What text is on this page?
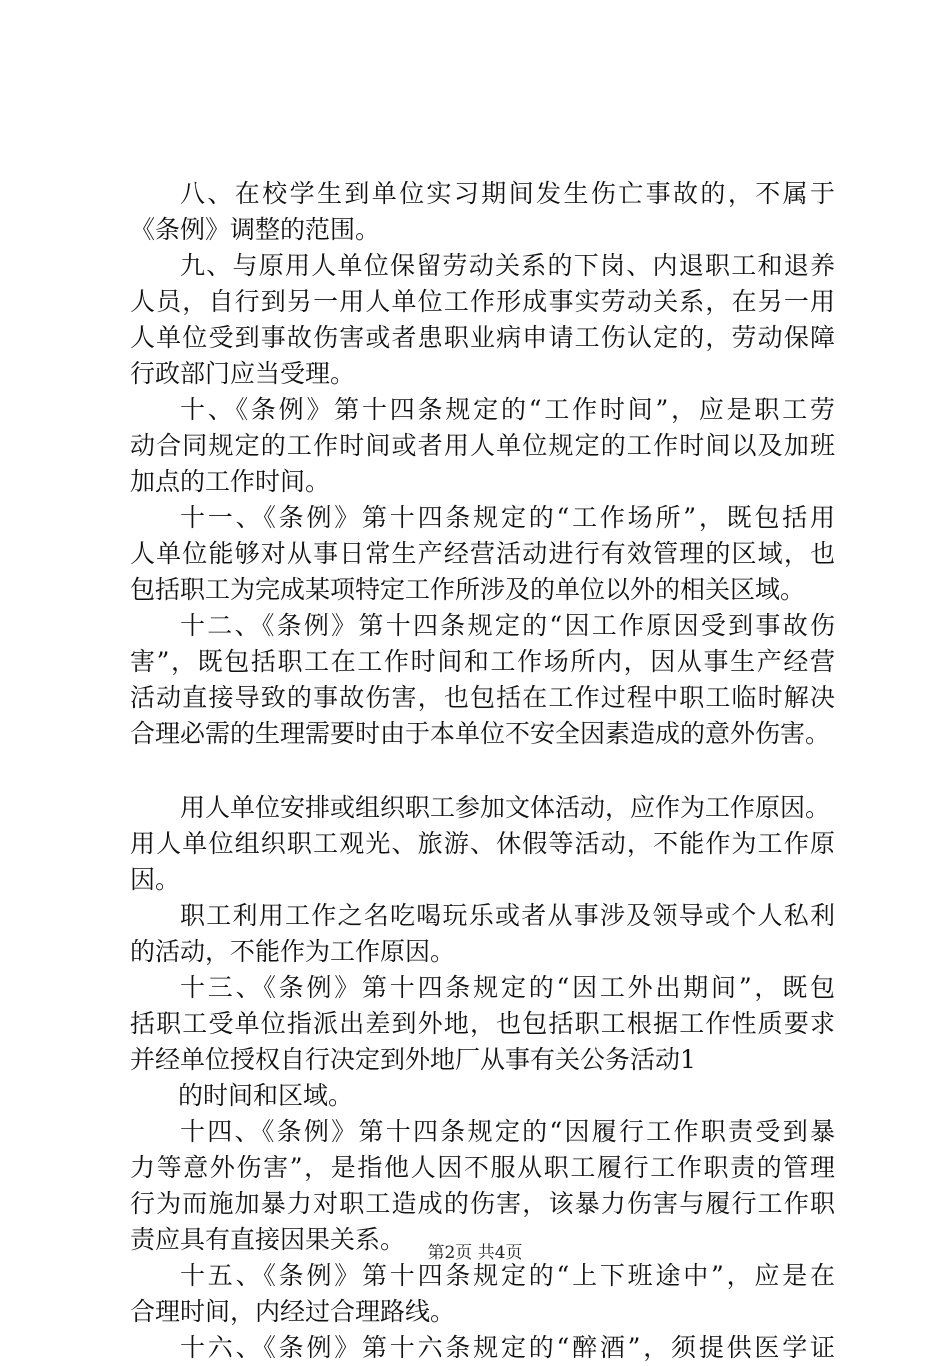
八、在校学生到单位实习期间发生伤亡事故的，不属于
《条例》调整的范围。
九、与原用人单位保留劳动关系的下岗、内退职工和退养
人员，自行到另一用人单位工作形成事实劳动关系，在另一用
人单位受到事故伤害或者患职业病申请工伤认定的，劳动保障
行政部门应当受理。
十、《条例》第十四条规定的“工作时间”，应是职工劳
动合同规定的工作时间或者用人单位规定的工作时间以及加班
加点的工作时间。
十一、《条例》第十四条规定的“工作场所”，既包括用
人单位能够对从事日常生产经营活动进行有效管理的区域，也
包括职工为完成某项特定工作所涉及的单位以外的相关区域。
十二、《条例》第十四条规定的“因工作原因受到事故伤
害”，既包括职工在工作时间和工作场所内，因从事生产经营
活动直接导致的事故伤害，也包括在工作过程中职工临时解决
合理必需的生理需要时由于本单位不安全因素造成的意外伤害。
用人单位安排或组织职工参加文体活动，应作为工作原因。
用人单位组织职工观光、旅游、休假等活动，不能作为工作原
因。
职工利用工作之名吃喝玩乐或者从事涉及领导或个人私利
的活动，不能作为工作原因。
十三、《条例》第十四条规定的“因工外出期间”，既包
括职工受单位指派出差到外地，也包括职工根据工作性质要求
并经单位授权自行决定到外地厂从事有关公务活动1
的时间和区域。
十四、《条例》第十四条规定的“因履行工作职责受到暴
力等意外伤害”，是指他人因不服从职工履行工作职责的管理
行为而施加暴力对职工造成的伤害，该暴力伤害与履行工作职
责应具有直接因果关系。
十五、《条例》第十四条规定的“上下班途中”，应是在
合理时间，内经过合理路线。
十六、《条例》第十六条规定的“醉酒”，须提供医学证
第2页 共4页
